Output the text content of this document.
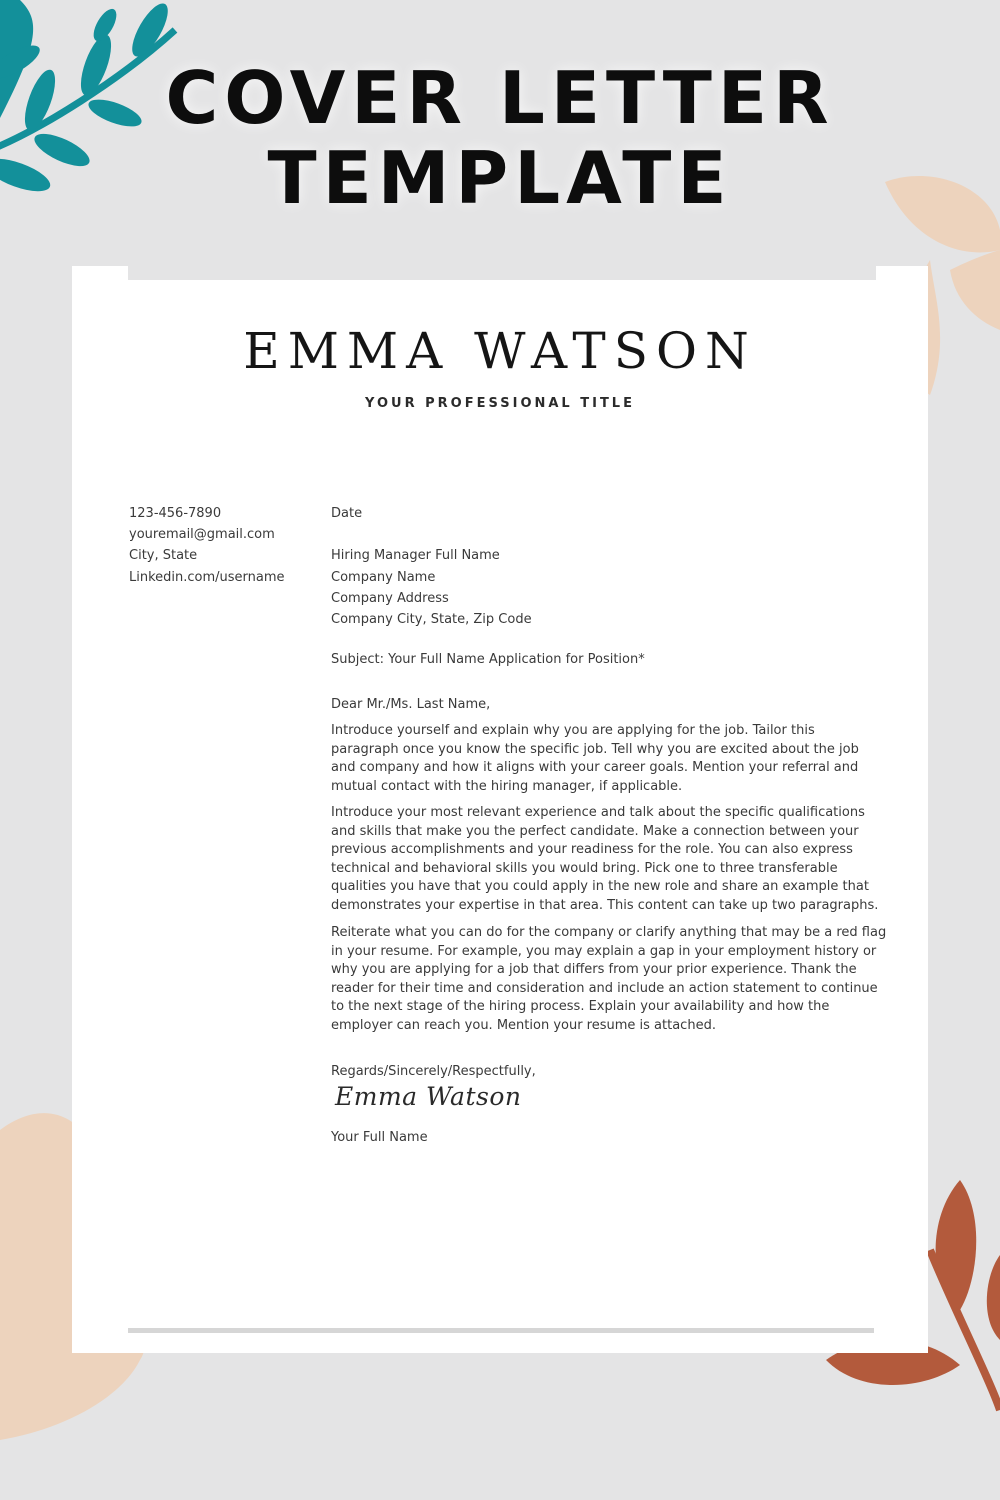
COVER LETTER
TEMPLATE
EMMA WATSON
YOUR PROFESSIONAL TITLE
123-456-7890
youremail@gmail.com
City, State
Linkedin.com/username
Date
Hiring Manager Full Name
Company Name
Company Address
Company City, State, Zip Code
Subject: Your Full Name Application for Position*
Dear Mr./Ms. Last Name,
Introduce yourself and explain why you are applying for the job. Tailor this
paragraph once you know the specific job. Tell why you are excited about the job
and company and how it aligns with your career goals. Mention your referral and
mutual contact with the hiring manager, if applicable.
Introduce your most relevant experience and talk about the specific qualifications
and skills that make you the perfect candidate. Make a connection between your
previous accomplishments and your readiness for the role. You can also express
technical and behavioral skills you would bring. Pick one to three transferable
qualities you have that you could apply in the new role and share an example that
demonstrates your expertise in that area. This content can take up two paragraphs.
Reiterate what you can do for the company or clarify anything that may be a red flag
in your resume. For example, you may explain a gap in your employment history or
why you are applying for a job that differs from your prior experience. Thank the
reader for their time and consideration and include an action statement to continue
to the next stage of the hiring process. Explain your availability and how the
employer can reach you. Mention your resume is attached.
Regards/Sincerely/Respectfully,
Emma Watson
Your Full Name
